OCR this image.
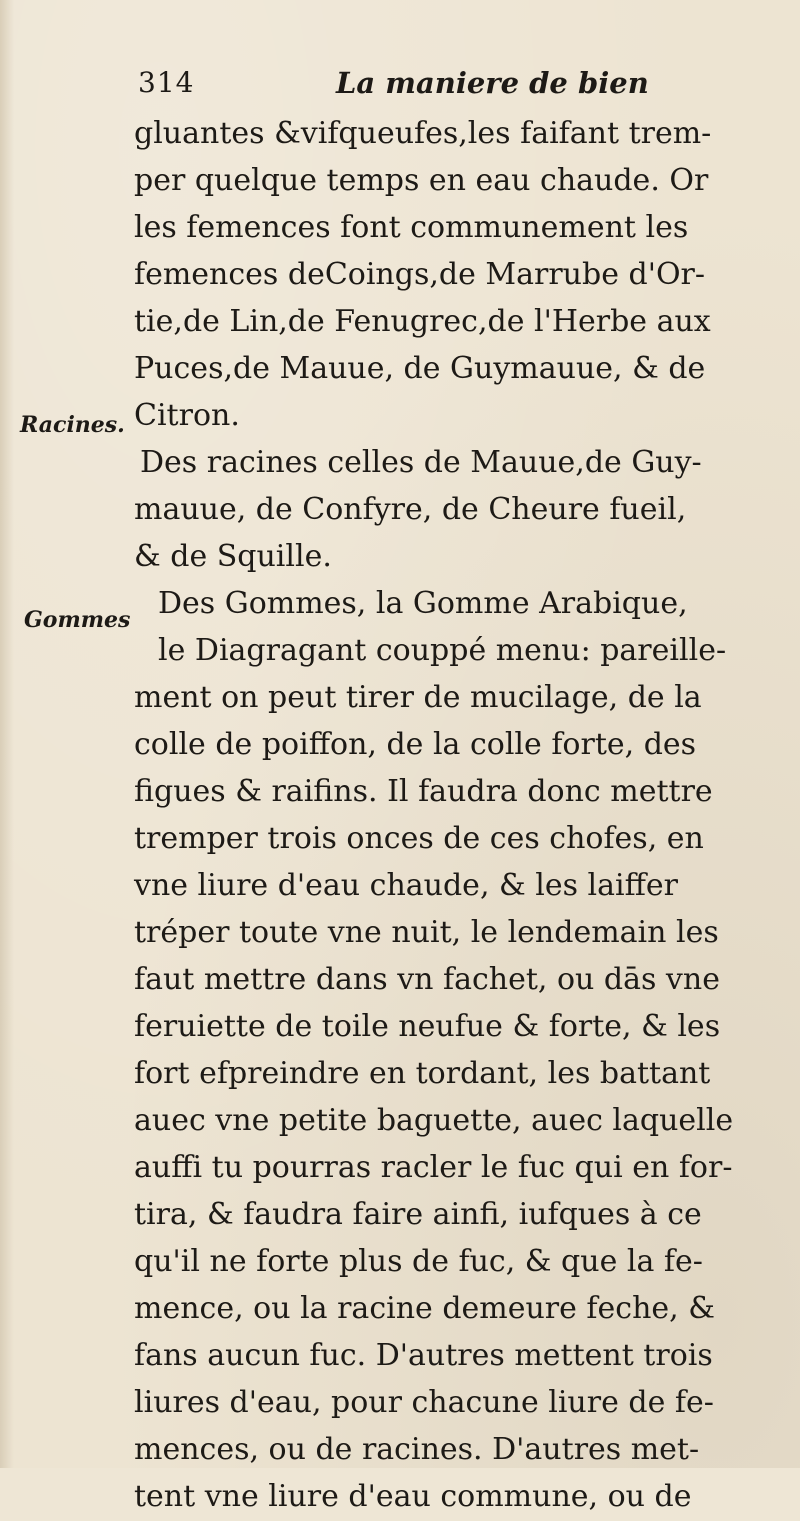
314	La maniere de bien
Racines.
Gommes
gluantes &vifqueufes,les faifant trem-
per quelque temps en eau chaude. Or
les femences font communement les
femences deCoings,de Marrube d'Or-
tie,de Lin,de Fenugrec,de l'Herbe aux
Puces,de Mauue, de Guymauue, & de
Citron.
Des racines celles de Mauue,de Guy-
mauue, de Confyre, de Cheure fueil,
& de Squille.
Des Gommes, la Gomme Arabique,
le Diagragant couppé menu: pareille-
ment on peut tirer de mucilage, de la
colle de poiffon, de la colle forte, des
figues & raifins. Il faudra donc mettre
tremper trois onces de ces chofes, en
vne liure d'eau chaude, & les laiffer
tréper toute vne nuit, le lendemain les
faut mettre dans vn fachet, ou dās vne
feruiette de toile neufue & forte, & les
fort efpreindre en tordant, les battant
auec vne petite baguette, auec laquelle
auffi tu pourras racler le fuc qui en for-
tira, & faudra faire ainfi, iufques à ce
qu'il ne forte plus de fuc, & que la fe-
mence, ou la racine demeure feche, &
fans aucun fuc. D'autres mettent trois
liures d'eau, pour chacune liure de fe-
mences, ou de racines. D'autres met-
tent vne liure d'eau commune, ou de
